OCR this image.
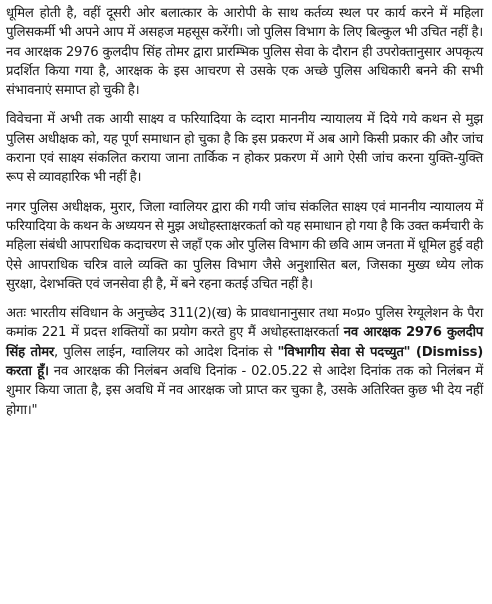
धूमिल होती है, वहीं दूसरी ओर बलात्कार के आरोपी के साथ कर्तव्य स्थल पर कार्य करने में महिला पुलिसकर्मी भी अपने आप में असहज महसूस करेंगी। जो पुलिस विभाग के लिए बिल्कुल भी उचित नहीं है। नव आरक्षक 2976 कुलदीप सिंह तोमर द्वारा प्रारम्भिक पुलिस सेवा के दौरान ही उपरोक्तानुसार अपकृत्य प्रदर्शित किया गया है, आरक्षक के इस आचरण से उसके एक अच्छे पुलिस अधिकारी बनने की सभी संभावनाएं समाप्त हो चुकी है।

विवेचना में अभी तक आयी साक्ष्य व फरियादिया के व्दारा माननीय न्यायालय में दिये गये कथन से मुझ पुलिस अधीक्षक को, यह पूर्ण समाधान हो चुका है कि इस प्रकरण में अब आगे किसी प्रकार की और जांच कराना एवं साक्ष्य संकलित कराया जाना तार्किक न होकर प्रकरण में आगे ऐसी जांच करना युक्ति-युक्ति रूप से व्यावहारिक भी नहीं है।

नगर पुलिस अधीक्षक, मुरार, जिला ग्वालियर द्वारा की गयी जांच संकलित साक्ष्य एवं माननीय न्यायालय में फरियादिया के कथन के अध्ययन से मुझ अधोहस्ताक्षरकर्ता को यह समाधान हो गया है कि उक्त कर्मचारी के महिला संबंधी आपराधिक कदाचरण से जहाँ एक ओर पुलिस विभाग की छवि आम जनता में धूमिल हुई वही ऐसे आपराधिक चरित्र वाले व्यक्ति का पुलिस विभाग जैसे अनुशासित बल, जिसका मुख्य ध्येय लोक सुरक्षा, देशभक्ति एवं जनसेवा ही है, में बने रहना कतई उचित नहीं है।

अतः भारतीय संविधान के अनुच्छेद 311(2)(ख) के प्रावधानानुसार तथा म०प्र० पुलिस रेग्यूलेशन के पैरा कमांक 221 में प्रदत्त शक्तियों का प्रयोग करते हुए मैं अधोहस्ताक्षरकर्ता नव आरक्षक 2976 कुलदीप सिंह तोमर, पुलिस लाईन, ग्वालियर को आदेश दिनांक से "विभागीय सेवा से पदच्युत" (Dismiss) करता हूँ। नव आरक्षक की निलंबन अवधि दिनांक - 02.05.22 से आदेश दिनांक तक को निलंबन में शुमार किया जाता है, इस अवधि में नव आरक्षक जो प्राप्त कर चुका है, उसके अतिरिक्त कुछ भी देय नहीं होगा।"
